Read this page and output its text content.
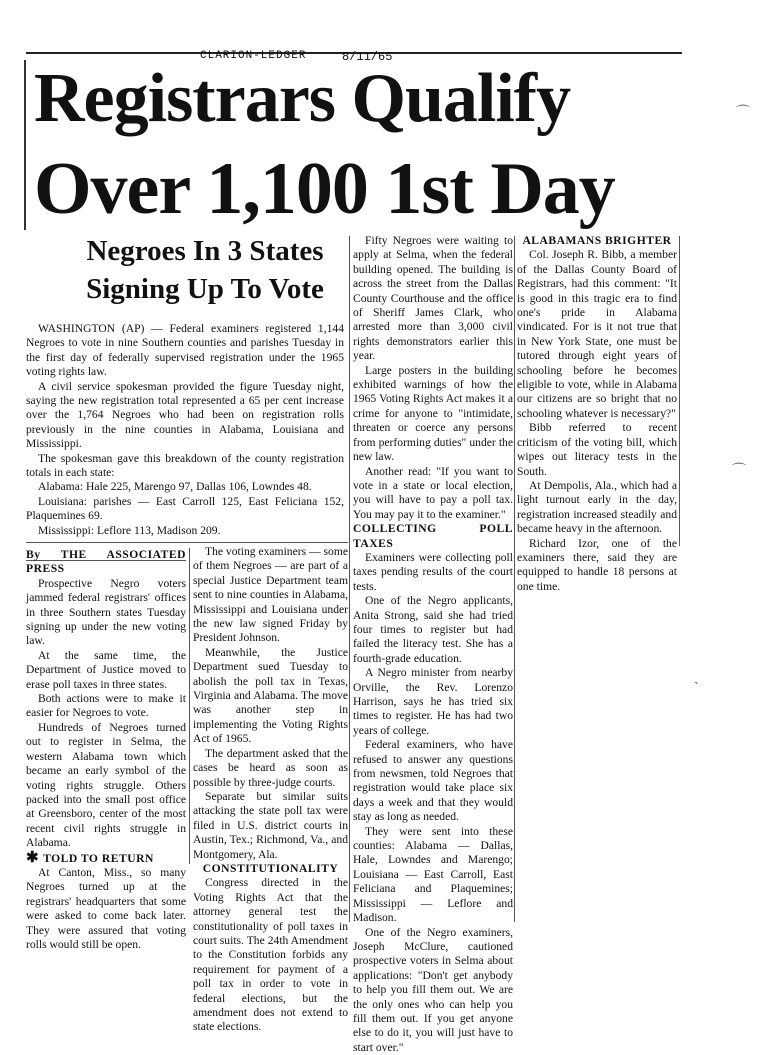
CLARION-LEDGER	8/11/65
Registrars Qualify
Over 1,100 1st Day
Negroes In 3 States
Signing Up To Vote

WASHINGTON (AP) — Federal examiners registered 1,144 Negroes to vote in nine Southern counties and parishes Tuesday in the first day of federally supervised registration under the 1965 voting rights law.

A civil service spokesman provided the figure Tuesday night, saying the new registration total represented a 65 per cent increase over the 1,764 Negroes who had been on registration rolls previously in the nine counties in Alabama, Louisiana and Mississippi.

The spokesman gave this breakdown of the county registration totals in each state:

Alabama: Hale 225, Marengo 97, Dallas 106, Lowndes 48.

Louisiana: parishes — East Carroll 125, East Feliciana 152, Plaquemines 69.

Mississippi: Leflore 113, Madison 209.

By THE ASSOCIATED PRESS

Prospective Negro voters jammed federal registrars' offices in three Southern states Tuesday signing up under the new voting law.

At the same time, the Department of Justice moved to erase poll taxes in three states.

Both actions were to make it easier for Negroes to vote.

Hundreds of Negroes turned out to register in Selma, the western Alabama town which became an early symbol of the voting rights struggle. Others packed into the small post office at Greensboro, center of the most recent civil rights struggle in Alabama.

✱ TOLD TO RETURN

At Canton, Miss., so many Negroes turned up at the registrars' headquarters that some were asked to come back later. They were assured that voting rolls would still be open.

The voting examiners — some of them Negroes — are part of a special Justice Department team sent to nine counties in Alabama, Mississippi and Louisiana under the new law signed Friday by President Johnson.

Meanwhile, the Justice Department sued Tuesday to abolish the poll tax in Texas, Virginia and Alabama. The move was another step in implementing the Voting Rights Act of 1965.

The department asked that the cases be heard as soon as possible by three-judge courts.

Separate but similar suits attacking the state poll tax were filed in U.S. district courts in Austin, Tex.; Richmond, Va., and Montgomery, Ala.

CONSTITUTIONALITY

Congress directed in the Voting Rights Act that the attorney general test the constitutionality of poll taxes in court suits. The 24th Amendment to the Constitution forbids any requirement for payment of a poll tax in order to vote in federal elections, but the amendment does not extend to state elections.

Fifty Negroes were waiting to apply at Selma, when the federal building opened. The building is across the street from the Dallas County Courthouse and the office of Sheriff James Clark, who arrested more than 3,000 civil rights demonstrators earlier this year.

Large posters in the building exhibited warnings of how the 1965 Voting Rights Act makes it a crime for anyone to "intimidate, threaten or coerce any persons from performing duties" under the new law.

Another read: "If you want to vote in a state or local election, you will have to pay a poll tax. You may pay it to the examiner."

COLLECTING POLL TAXES

Examiners were collecting poll taxes pending results of the court tests.

One of the Negro applicants, Anita Strong, said she had tried four times to register but had failed the literacy test. She has a fourth-grade education.

A Negro minister from nearby Orville, the Rev. Lorenzo Harrison, says he has tried six times to register. He has had two years of college.

Federal examiners, who have refused to answer any questions from newsmen, told Negroes that registration would take place six days a week and that they would stay as long as needed.

They were sent into these counties: Alabama — Dallas, Hale, Lowndes and Marengo; Louisiana — East Carroll, East Feliciana and Plaquemines; Mississippi — Leflore and Madison.

One of the Negro examiners, Joseph McClure, cautioned prospective voters in Selma about applications: "Don't get anybody to help you fill them out. We are the only ones who can help you fill them out. If you get anyone else to do it, you will just have to start over."

ALABAMANS BRIGHTER

Col. Joseph R. Bibb, a member of the Dallas County Board of Registrars, had this comment: "It is good in this tragic era to find one's pride in Alabama vindicated. For is it not true that in New York State, one must be tutored through eight years of schooling before he becomes eligible to vote, while in Alabama our citizens are so bright that no schooling whatever is necessary?"

Bibb referred to recent criticism of the voting bill, which wipes out literacy tests in the South.

At Dempolis, Ala., which had a light turnout early in the day, registration increased steadily and became heavy in the afternoon.

Richard Izor, one of the examiners there, said they are equipped to handle 18 persons at one time.

⌒
⌒
ˏ
